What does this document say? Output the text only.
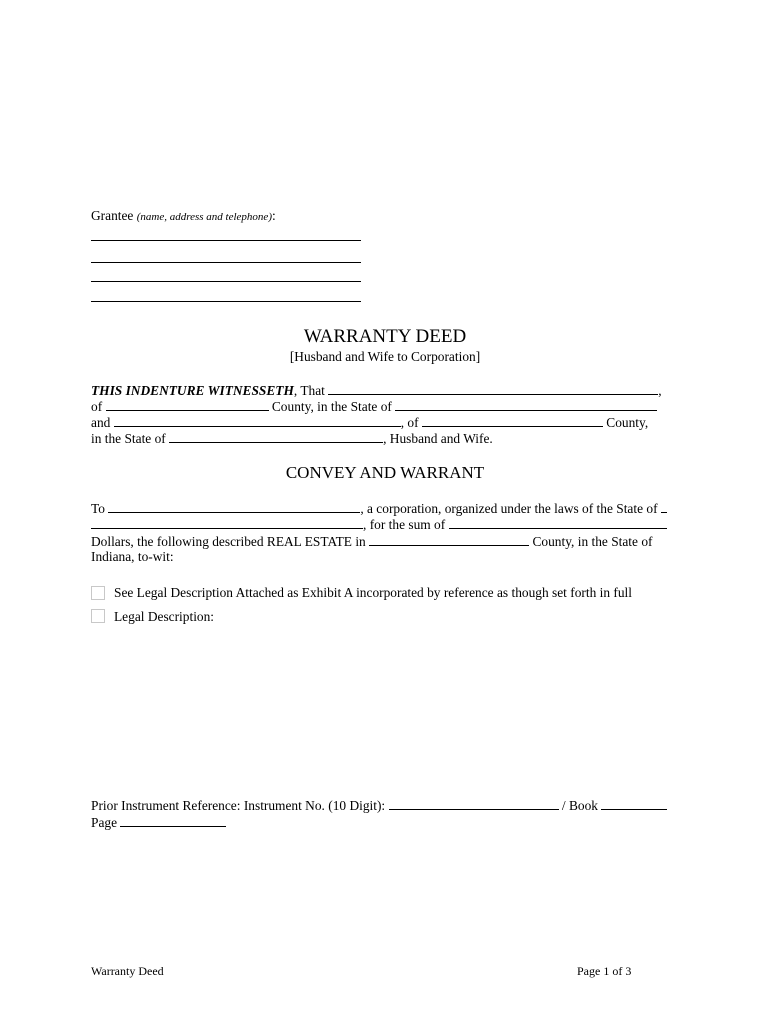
Grantee (name, address and telephone):
WARRANTY DEED
[Husband and Wife to Corporation]
THIS INDENTURE WITNESSETH, That	,
of	County, in the State of
and	, of	County,
in the State of	, Husband and Wife.
CONVEY AND WARRANT
To	, a corporation, organized under the laws of the State of
, for the sum of
Dollars, the following described REAL ESTATE in	County, in the State of
Indiana, to-wit:
See Legal Description Attached as Exhibit A incorporated by reference as though set forth in full
Legal Description:
Prior Instrument Reference: Instrument No. (10 Digit):	/ Book
Page
Warranty Deed	Page 1 of 3
